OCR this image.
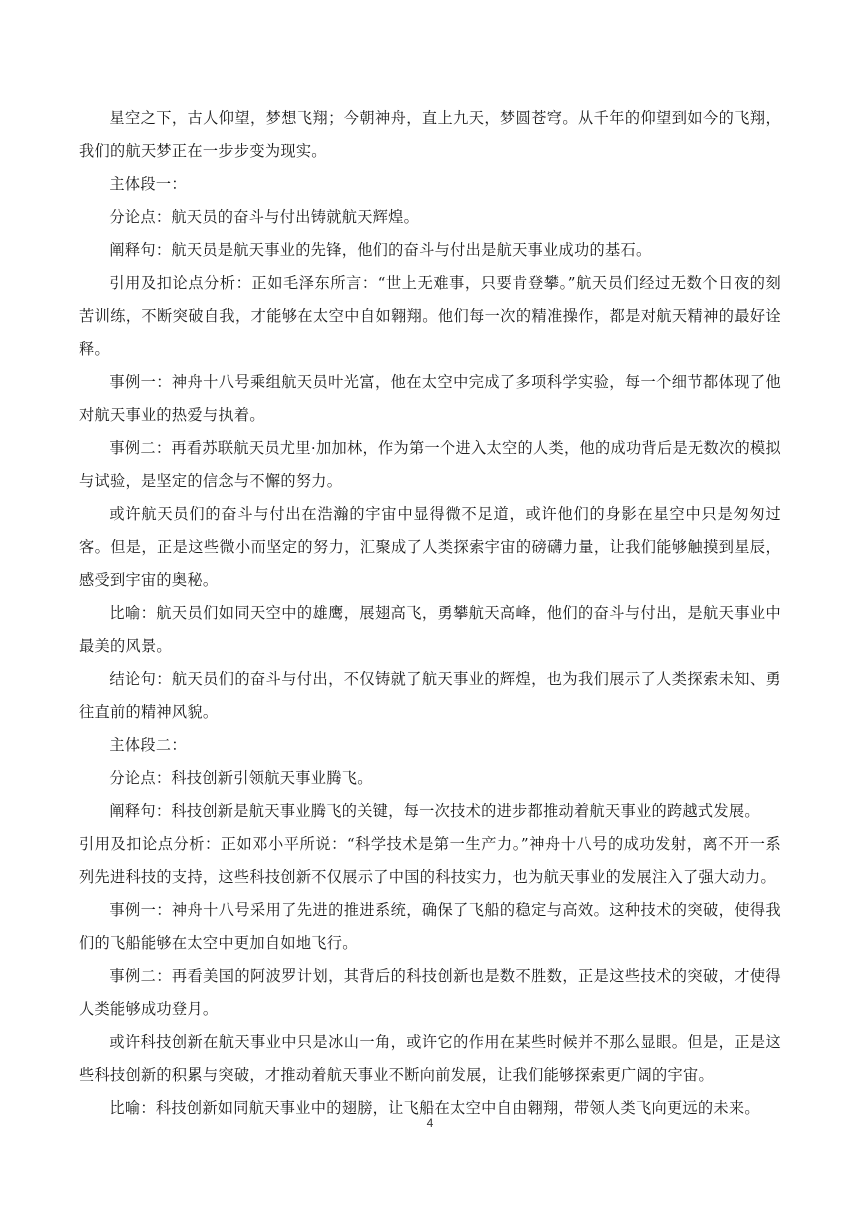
星空之下，古人仰望，梦想飞翔；今朝神舟，直上九天，梦圆苍穹。从千年的仰望到如今的飞翔，我们的航天梦正在一步步变为现实。

主体段一：

分论点：航天员的奋斗与付出铸就航天辉煌。

阐释句：航天员是航天事业的先锋，他们的奋斗与付出是航天事业成功的基石。

引用及扣论点分析：正如毛泽东所言：“世上无难事，只要肯登攀。”航天员们经过无数个日夜的刻苦训练，不断突破自我，才能够在太空中自如翱翔。他们每一次的精准操作，都是对航天精神的最好诠释。

事例一：神舟十八号乘组航天员叶光富，他在太空中完成了多项科学实验，每一个细节都体现了他对航天事业的热爱与执着。

事例二：再看苏联航天员尤里·加加林，作为第一个进入太空的人类，他的成功背后是无数次的模拟与试验，是坚定的信念与不懈的努力。

或许航天员们的奋斗与付出在浩瀚的宇宙中显得微不足道，或许他们的身影在星空中只是匆匆过客。但是，正是这些微小而坚定的努力，汇聚成了人类探索宇宙的磅礴力量，让我们能够触摸到星辰，感受到宇宙的奥秘。

比喻：航天员们如同天空中的雄鹰，展翅高飞，勇攀航天高峰，他们的奋斗与付出，是航天事业中最美的风景。

结论句：航天员们的奋斗与付出，不仅铸就了航天事业的辉煌，也为我们展示了人类探索未知、勇往直前的精神风貌。

主体段二：

分论点：科技创新引领航天事业腾飞。

阐释句：科技创新是航天事业腾飞的关键，每一次技术的进步都推动着航天事业的跨越式发展。

引用及扣论点分析：正如邓小平所说：“科学技术是第一生产力。”神舟十八号的成功发射，离不开一系列先进科技的支持，这些科技创新不仅展示了中国的科技实力，也为航天事业的发展注入了强大动力。

事例一：神舟十八号采用了先进的推进系统，确保了飞船的稳定与高效。这种技术的突破，使得我们的飞船能够在太空中更加自如地飞行。

事例二：再看美国的阿波罗计划，其背后的科技创新也是数不胜数，正是这些技术的突破，才使得人类能够成功登月。

或许科技创新在航天事业中只是冰山一角，或许它的作用在某些时候并不那么显眼。但是，正是这些科技创新的积累与突破，才推动着航天事业不断向前发展，让我们能够探索更广阔的宇宙。

比喻：科技创新如同航天事业中的翅膀，让飞船在太空中自由翱翔，带领人类飞向更远的未来。

4
